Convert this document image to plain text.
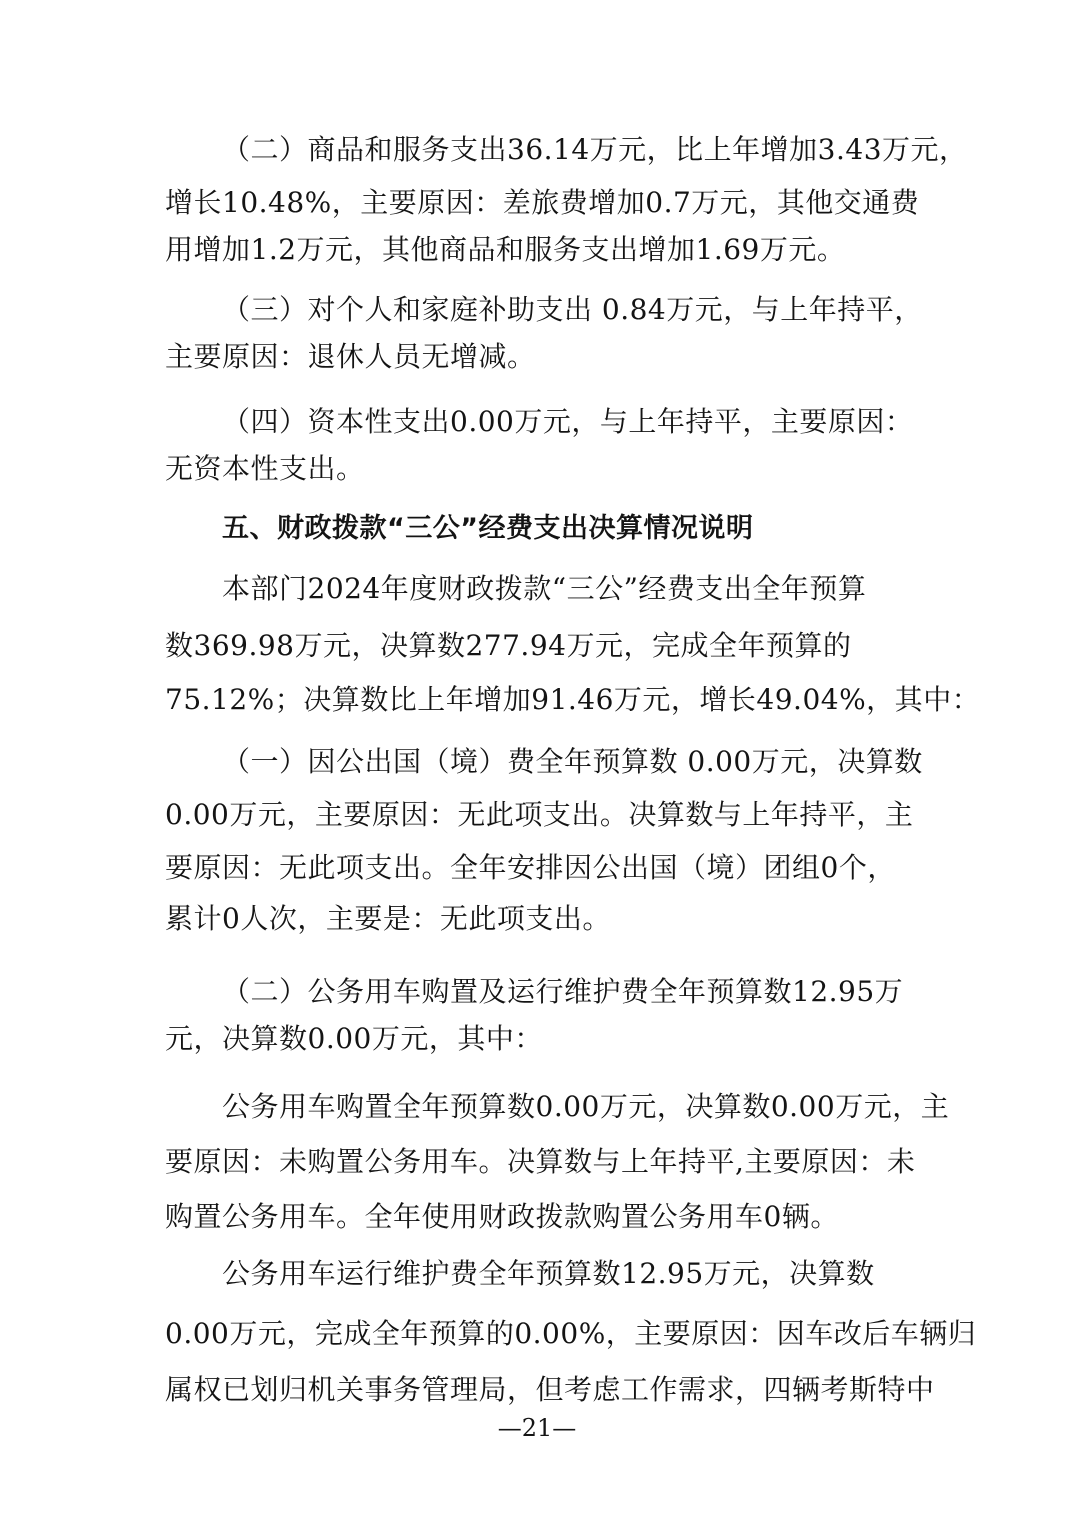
（二）商品和服务支出36.14万元，比上年增加3.43万元，

增长10.48%，主要原因：差旅费增加0.7万元，其他交通费

用增加1.2万元，其他商品和服务支出增加1.69万元。

（三）对个人和家庭补助支出 0.84万元，与上年持平，

主要原因：退休人员无增减。

（四）资本性支出0.00万元，与上年持平，主要原因：

无资本性支出。

五、财政拨款“三公”经费支出决算情况说明

本部门2024年度财政拨款“三公”经费支出全年预算

数369.98万元，决算数277.94万元，完成全年预算的

75.12%；决算数比上年增加91.46万元，增长49.04%，其中：

（一）因公出国（境）费全年预算数 0.00万元，决算数

0.00万元，主要原因：无此项支出。决算数与上年持平，主

要原因：无此项支出。全年安排因公出国（境）团组0个，

累计0人次，主要是：无此项支出。

（二）公务用车购置及运行维护费全年预算数12.95万

元，决算数0.00万元，其中：

公务用车购置全年预算数0.00万元，决算数0.00万元，主

要原因：未购置公务用车。决算数与上年持平,主要原因：未

购置公务用车。全年使用财政拨款购置公务用车0辆。

公务用车运行维护费全年预算数12.95万元，决算数

0.00万元，完成全年预算的0.00%，主要原因：因车改后车辆归

属权已划归机关事务管理局，但考虑工作需求，四辆考斯特中

—21—
